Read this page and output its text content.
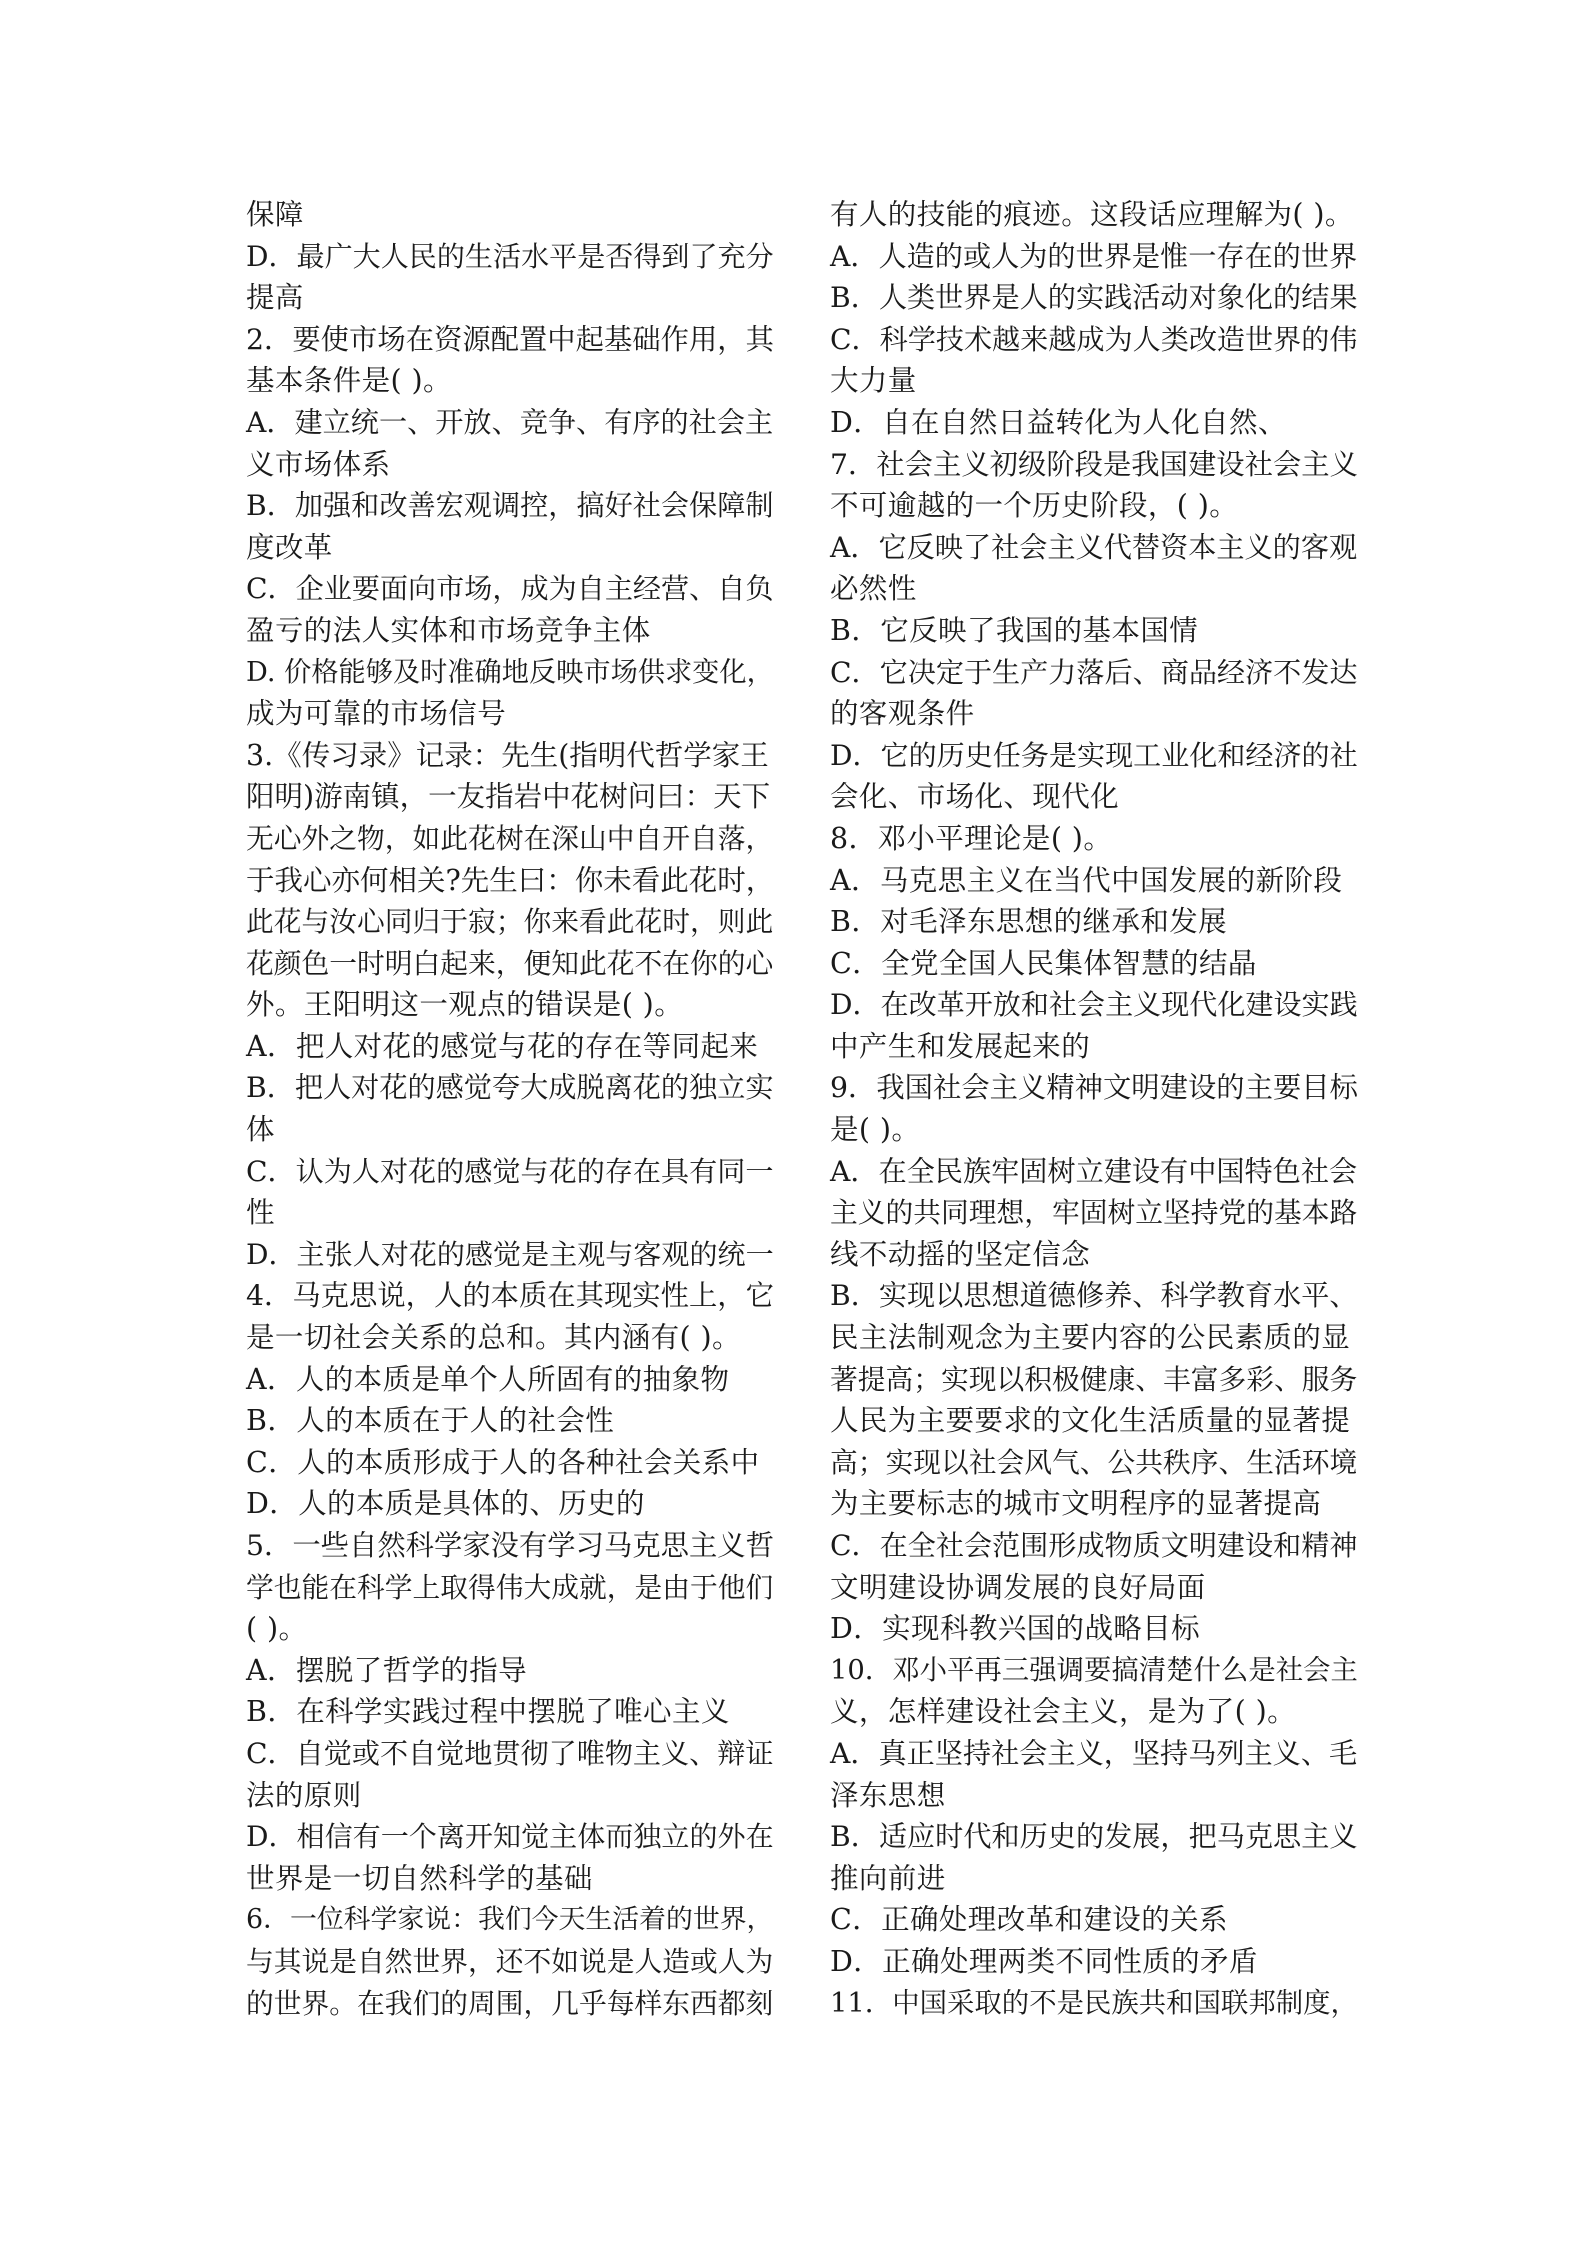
保障
D．最广大人民的生活水平是否得到了充分
提高
2．要使市场在资源配置中起基础作用，其
基本条件是( )。
A．建立统一、开放、竞争、有序的社会主
义市场体系
B．加强和改善宏观调控，搞好社会保障制
度改革
C．企业要面向市场，成为自主经营、自负
盈亏的法人实体和市场竞争主体
D. 价格能够及时准确地反映市场供求变化，
成为可靠的市场信号
3.《传习录》记录：先生(指明代哲学家王
阳明)游南镇，一友指岩中花树问曰：天下
无心外之物，如此花树在深山中自开自落，
于我心亦何相关?先生曰：你未看此花时，
此花与汝心同归于寂；你来看此花时，则此
花颜色一时明白起来，便知此花不在你的心
外。王阳明这一观点的错误是( )。
A．把人对花的感觉与花的存在等同起来
B．把人对花的感觉夸大成脱离花的独立实
体
C．认为人对花的感觉与花的存在具有同一
性
D．主张人对花的感觉是主观与客观的统一
4．马克思说，人的本质在其现实性上，它
是一切社会关系的总和。其内涵有( )。
A．人的本质是单个人所固有的抽象物
B．人的本质在于人的社会性
C．人的本质形成于人的各种社会关系中
D．人的本质是具体的、历史的
5．一些自然科学家没有学习马克思主义哲
学也能在科学上取得伟大成就，是由于他们
( )。
A．摆脱了哲学的指导
B．在科学实践过程中摆脱了唯心主义
C．自觉或不自觉地贯彻了唯物主义、辩证
法的原则
D．相信有一个离开知觉主体而独立的外在
世界是一切自然科学的基础
6．一位科学家说：我们今天生活着的世界，
与其说是自然世界，还不如说是人造或人为
的世界。在我们的周围，几乎每样东西都刻
有人的技能的痕迹。这段话应理解为( )。
A．人造的或人为的世界是惟一存在的世界
B．人类世界是人的实践活动对象化的结果
C．科学技术越来越成为人类改造世界的伟
大力量
D．自在自然日益转化为人化自然、
7．社会主义初级阶段是我国建设社会主义
不可逾越的一个历史阶段，( )。
A．它反映了社会主义代替资本主义的客观
必然性
B．它反映了我国的基本国情
C．它决定于生产力落后、商品经济不发达
的客观条件
D．它的历史任务是实现工业化和经济的社
会化、市场化、现代化
8．邓小平理论是( )。
A．马克思主义在当代中国发展的新阶段
B．对毛泽东思想的继承和发展
C．全党全国人民集体智慧的结晶
D．在改革开放和社会主义现代化建设实践
中产生和发展起来的
9．我国社会主义精神文明建设的主要目标
是( )。
A．在全民族牢固树立建设有中国特色社会
主义的共同理想，牢固树立坚持党的基本路
线不动摇的坚定信念
B．实现以思想道德修养、科学教育水平、
民主法制观念为主要内容的公民素质的显
著提高；实现以积极健康、丰富多彩、服务
人民为主要要求的文化生活质量的显著提
高；实现以社会风气、公共秩序、生活环境
为主要标志的城市文明程序的显著提高
C．在全社会范围形成物质文明建设和精神
文明建设协调发展的良好局面
D．实现科教兴国的战略目标
10．邓小平再三强调要搞清楚什么是社会主
义，怎样建设社会主义，是为了( )。
A．真正坚持社会主义，坚持马列主义、毛
泽东思想
B．适应时代和历史的发展，把马克思主义
推向前进
C．正确处理改革和建设的关系
D．正确处理两类不同性质的矛盾
11．中国采取的不是民族共和国联邦制度，
